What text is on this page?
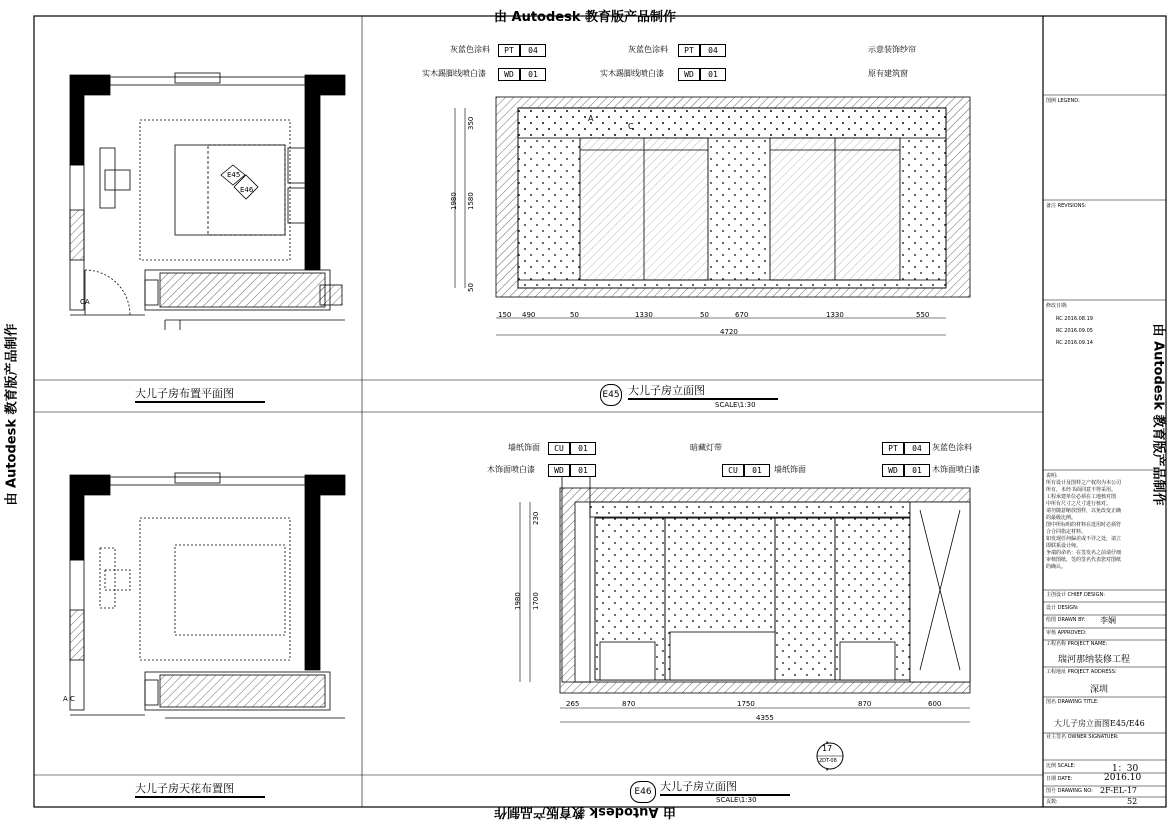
由 Autodesk 教育版产品制作
由 Autodesk 教育版产品制作
由 Autodesk 教育版产品制作	由 Autodesk 教育版产品制作
E45
E46
CA
A C
大儿子房布置平面图
大儿子房天花布置图
灰蓝色涂料	PT	04
实木踢脚线喷白漆	WD	01
灰蓝色涂料	PT	04
实木踢脚线喷白漆	WD	01
示意装饰纱帘
原有建筑窗
A
C
150 490	50	1330	50	670	1330	550
4720
350
1580
1980
50
E45 大儿子房立面图
SCALE\1:30
墙纸饰面	CU	01
木饰面喷白漆	WD	01
暗藏灯带
CU	01	墙纸饰面
PT	04	灰蓝色涂料
WD	01	木饰面喷白漆
265	870	1750	870	600
4355
230
1700
1980
17
2DT-08
E46 大儿子房立面图
SCALE\1:30
图例 LEGEND:
备注 REVISIONS:
修改日期:
RC 2016.08.19
RC 2016.09.05
RC 2016.09.14
说明:
所有设计及图样之产权均为本公司
所有，未经书面同意不得采用。
工程承建单位必须在工地核对图
中所有尺寸之尺寸进行核对。
请勿随意缩放图样，以免改变正确
的最级比例。
图中所标明的材料在选用时必须符
合合同指定材料。
如发现任何偏差或不详之处，请立
即联系设计师。
争端的命名：在签发名之前请仔细
审核图纸，签的签名代表您对图纸
的确认。
主创设计 CHIEF DESIGN:
设计 DESIGN:
绘图 DRAWN BY: 李娴
审核 APPROVED:
工程名称 PROJECT NAME:
瑞河那纳装修工程
工程地址 PROJECT ADDRESS:
深圳
图名 DRAWING TITLE:
大儿子房立面图E45/E46
业主签名 OWNER SIGNATUER:
比例 SCALE:	1：30
日期 DATE:	2016.10
图号 DRAWING NO: 2F-EL-17
页数:	52
